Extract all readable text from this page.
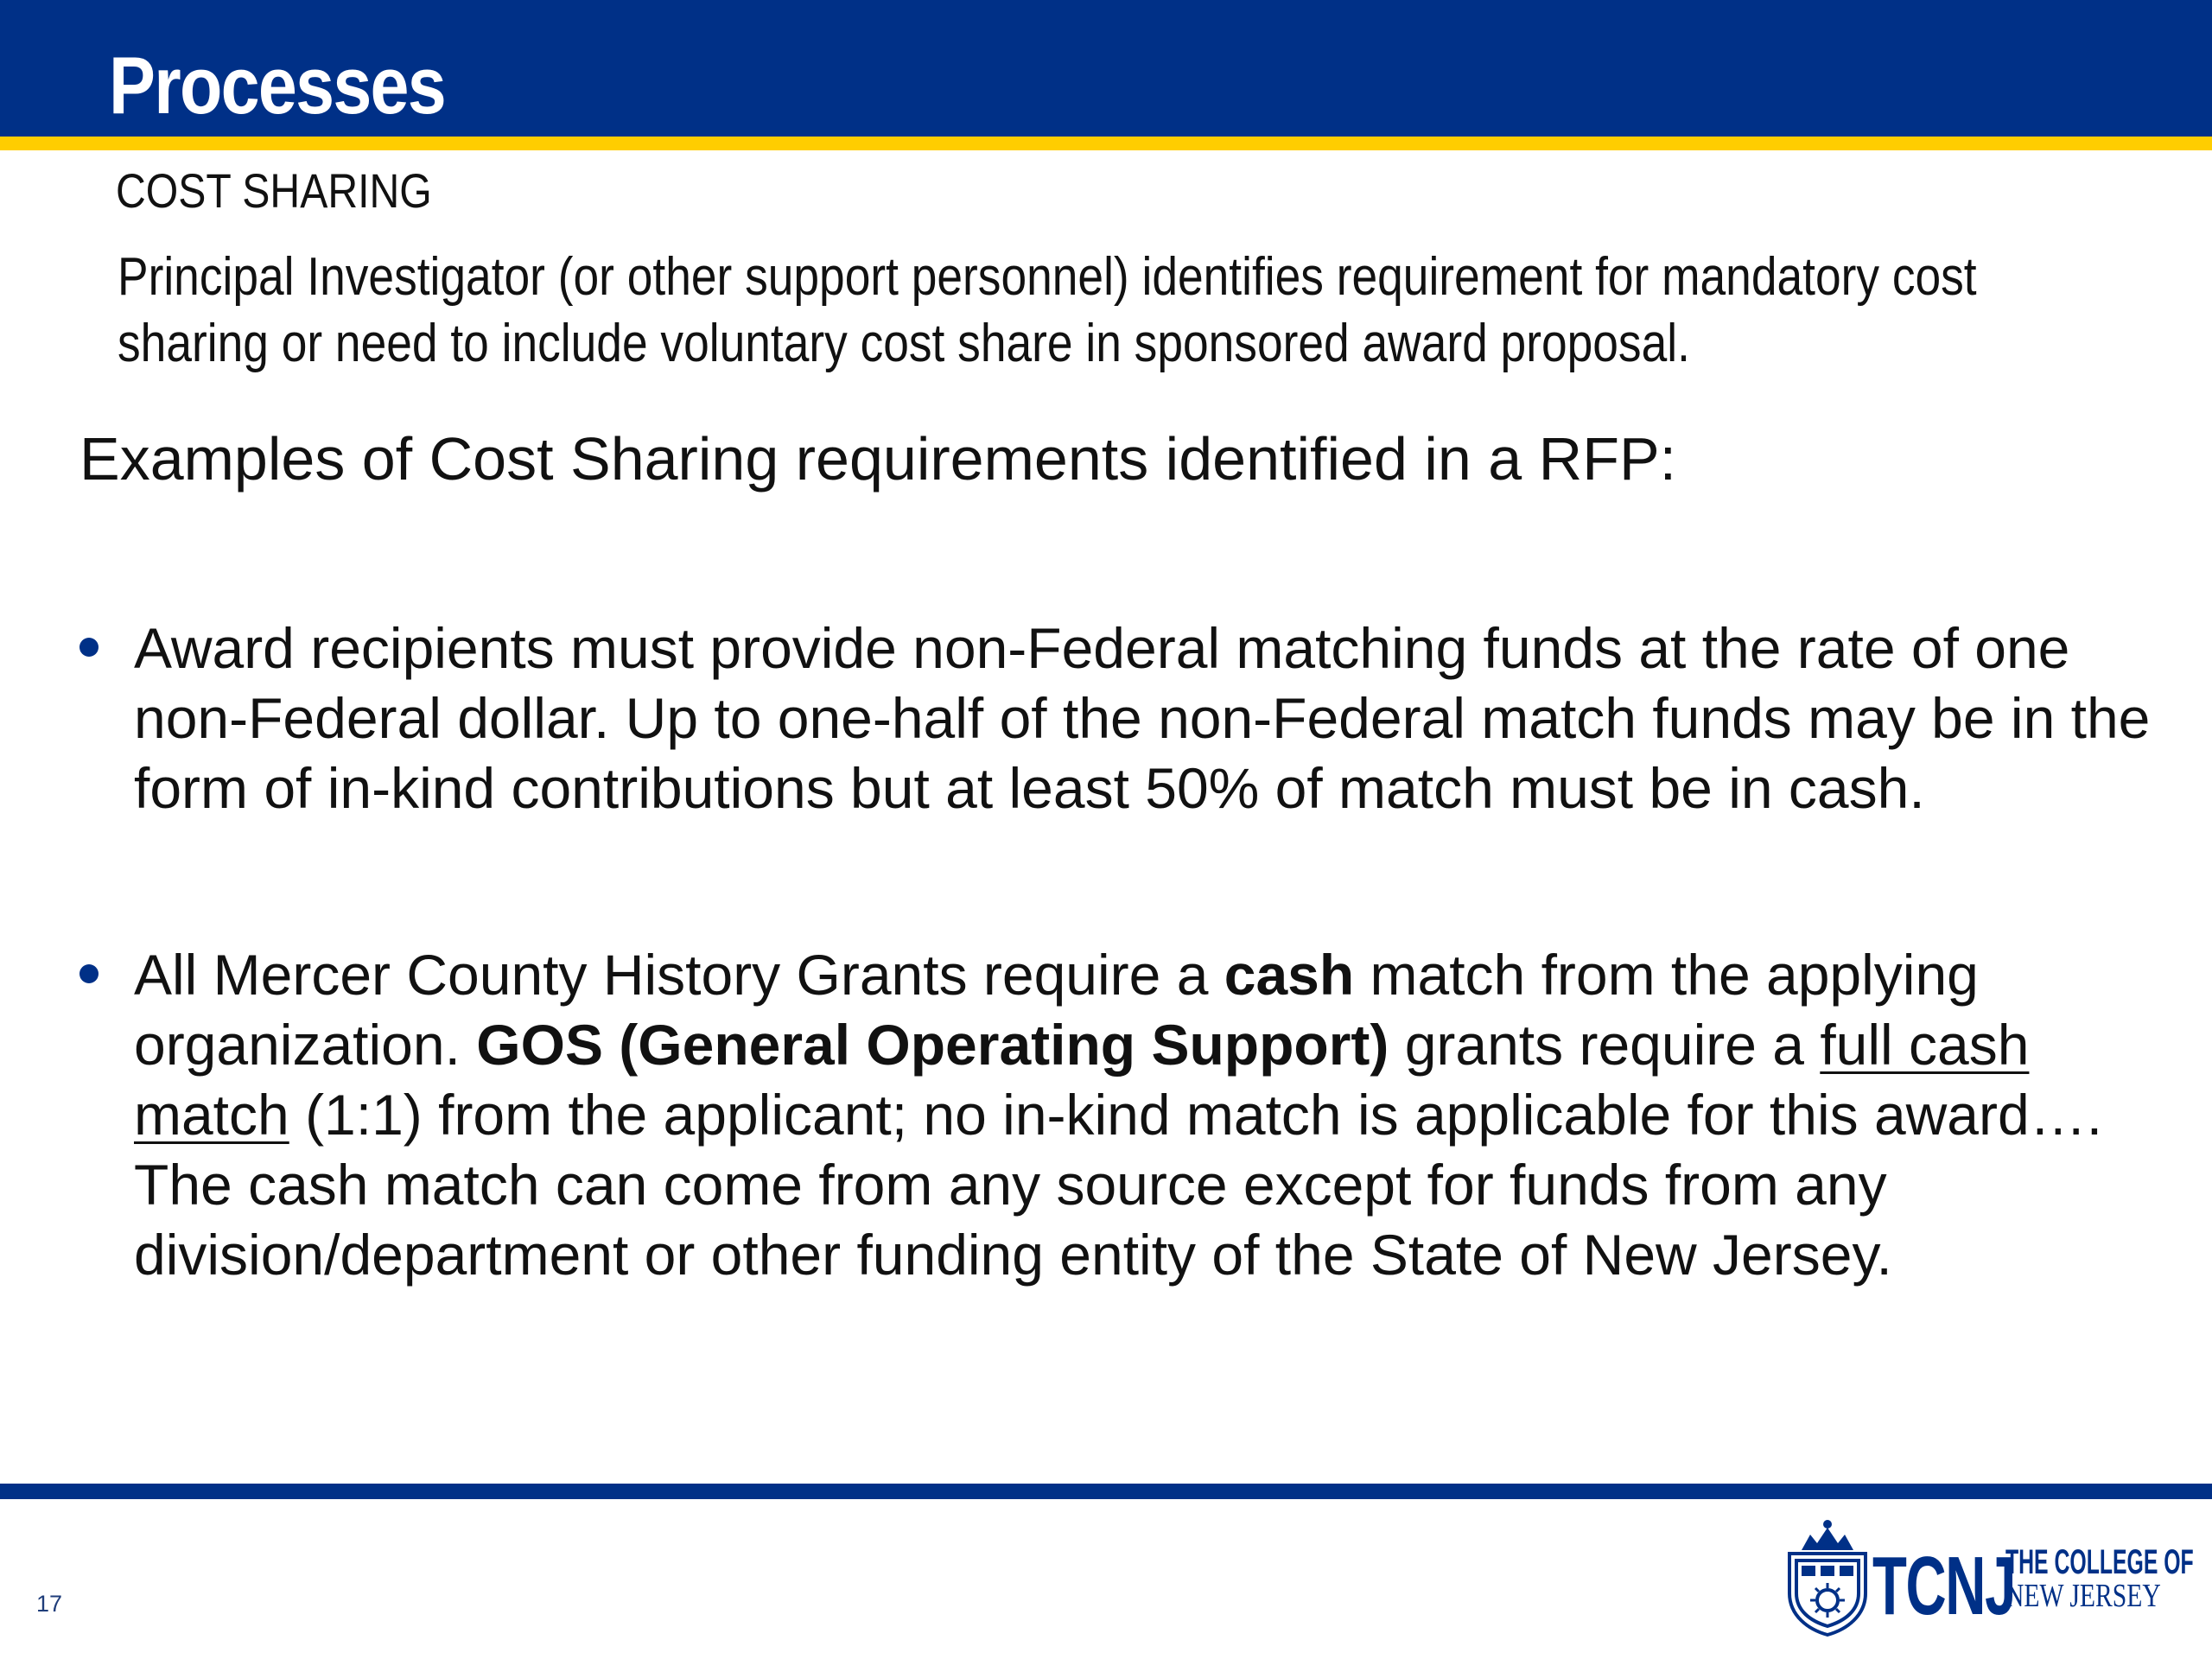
Processes
COST SHARING

Principal Investigator (or other support personnel) identifies requirement for mandatory cost sharing or need to include voluntary cost share in sponsored award proposal.

Examples of Cost Sharing requirements identified in a RFP:
Award recipients must provide non-Federal matching funds at the rate of one non-Federal dollar. Up to one-half of the non-Federal match funds may be in the form of in-kind contributions but at least 50% of match must be in cash.
All Mercer County History Grants require a cash match from the applying organization. GOS (General Operating Support) grants require a full cash match (1:1) from the applicant; no in-kind match is applicable for this award…. The cash match can come from any source except for funds from any division/department or other funding entity of the State of New Jersey.
17	TCNJ
THE COLLEGE OF
NEW JERSEY
